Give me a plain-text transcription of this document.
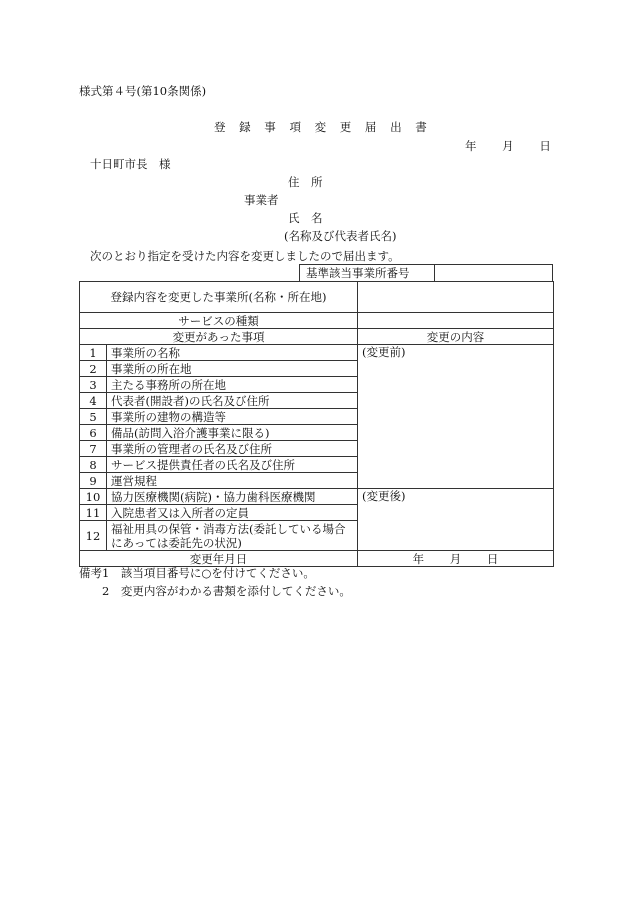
様式第４号(第10条関係)
登 録 事 項 変 更 届 出 書
年 月 日
十日町市長　様
住　所
事業者
氏　名
(名称及び代表者氏名)
次のとおり指定を受けた内容を変更しましたので届出ます。
基準該当事業所番号
登録内容を変更した事業所(名称・所在地)		
サービスの種類		
変更があった事項		変更の内容
1	事業所の名称	(変更前)
2	事業所の所在地	
3	主たる事務所の所在地	
4	代表者(開設者)の氏名及び住所	
5	事業所の建物の構造等	
6	備品(訪問入浴介護事業に限る)	
7	事業所の管理者の氏名及び住所	
8	サービス提供責任者の氏名及び住所	
9	運営規程	
10	協力医療機関(病院)・協力歯科医療機関	(変更後)
11	入院患者又は入所者の定員	
12	福祉用具の保管・消毒方法(委託している場合
にあっては委託先の状況)	

変更年月日		年 月 日
備考1　該当項目番号に○を付けてください。
2　変更内容がわかる書類を添付してください。
